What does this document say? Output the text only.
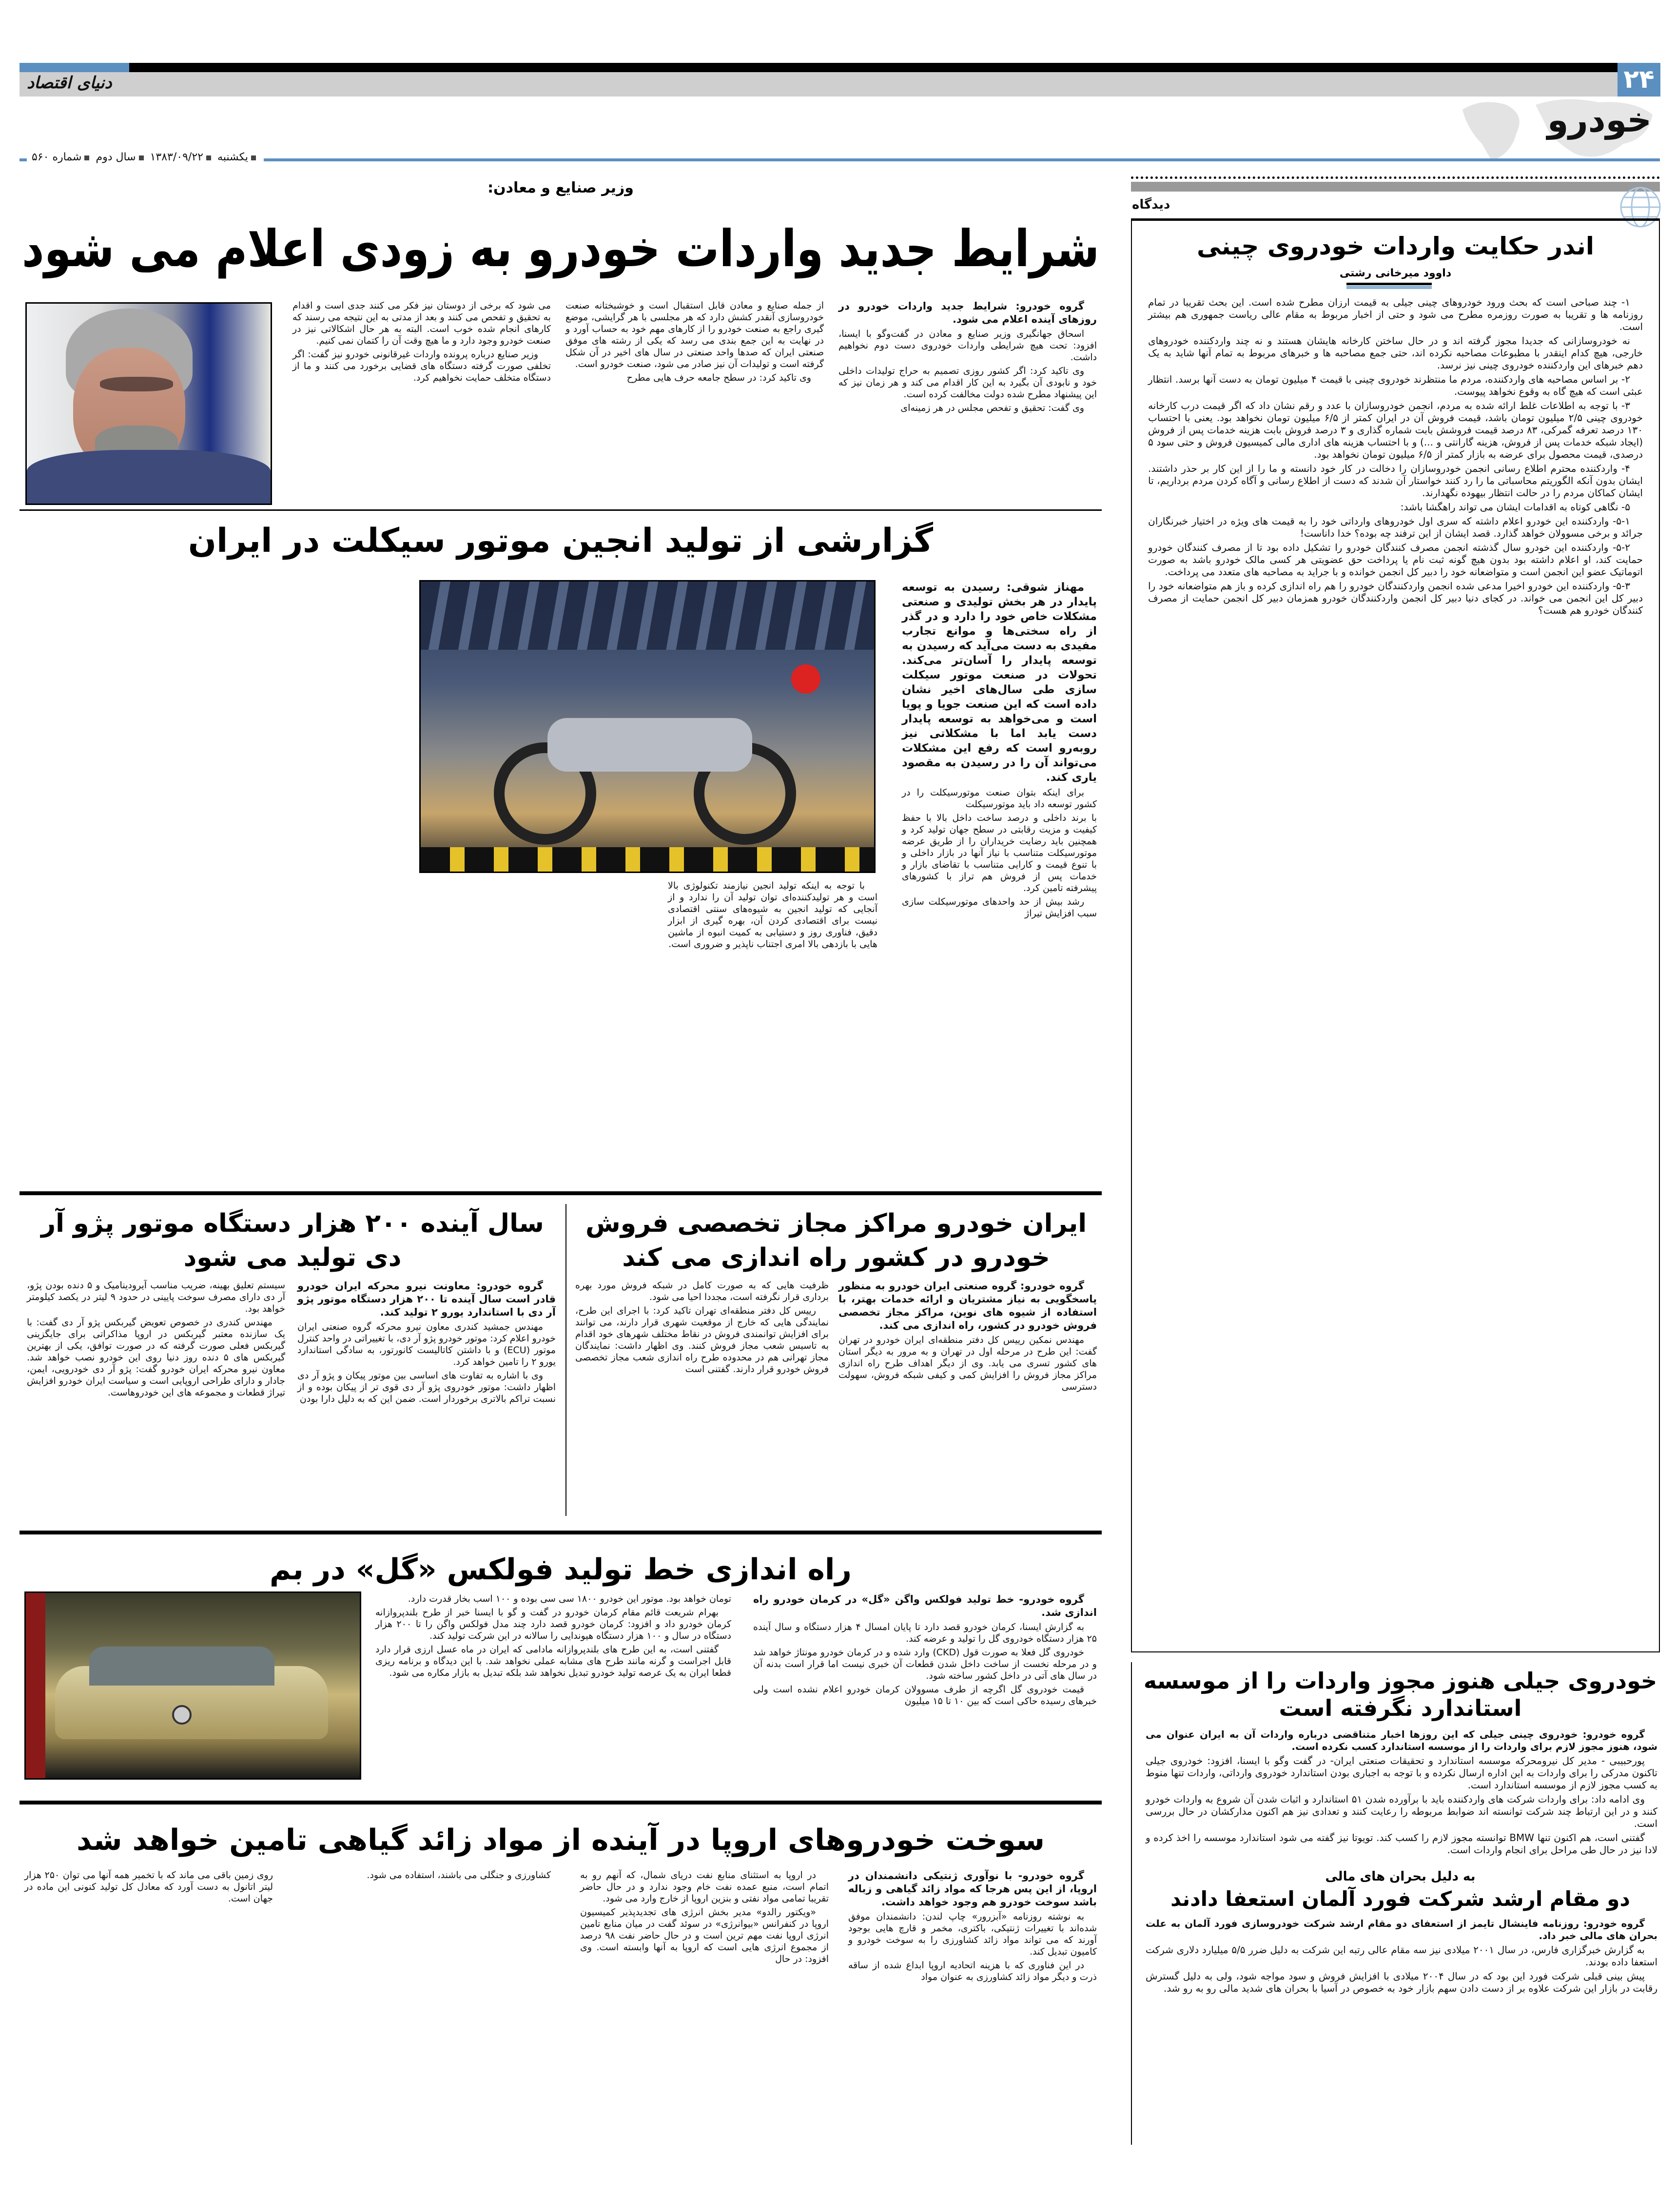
دنیای اقتصاد	۲۴
خودرو
یکشنبه ۱۳۸۳/۰۹/۲۲ سال دوم شماره ۵۶۰
وزیر صنایع و معادن:
شرایط جدید واردات خودرو به زودی اعلام می شود

گروه خودرو: شرایط جدید واردات خودرو در روزهای آینده اعلام می شود.

اسحاق جهانگیری وزیر صنایع و معادن در گفت‌وگو با ایسنا، افزود: تحت هیچ شرایطی واردات خودروی دست دوم نخواهیم داشت.

وی تاکید کرد: اگر کشور روزی تصمیم به حراج تولیدات داخلی خود و نابودی آن بگیرد به این کار اقدام می کند و هر زمان نیز که این پیشنهاد مطرح شده دولت مخالفت کرده است.

وی گفت: تحقیق و تفحص مجلس در هر زمینه‌ای

از جمله صنایع و معادن قابل استقبال است و خوشبختانه صنعت خودروسازی آنقدر کشش دارد که هر مجلسی با هر گرایشی، موضع گیری راجع به صنعت خودرو را از کارهای مهم خود به حساب آورد و در نهایت به این جمع بندی می رسد که یکی از رشته های موفق صنعتی ایران که صدها واحد صنعتی در سال های اخیر در آن شکل گرفته است و تولیدات آن نیز صادر می شود، صنعت خودرو است.

وی تاکید کرد: در سطح جامعه حرف هایی مطرح

می شود که برخی از دوستان نیز فکر می کنند جدی است و اقدام به تحقیق و تفحص می کنند و بعد از مدتی به این نتیجه می رسند که کارهای انجام شده خوب است. البته به هر حال اشکالاتی نیز در صنعت خودرو وجود دارد و ما هیچ وقت آن را کتمان نمی کنیم.

وزیر صنایع درباره پرونده واردات غیرقانونی خودرو نیز گفت: اگر تخلفی صورت گرفته دستگاه های قضایی برخورد می کنند و ما از دستگاه متخلف حمایت نخواهیم کرد.

گزارشی از تولید انجین موتور سیکلت در ایران

مهناز شوقی: رسیدن به توسعه پایدار در هر بخش تولیدی و صنعتی مشکلات خاص خود را دارد و در گذر از راه سختی‌ها و موانع تجارب مفیدی به دست می‌آید که رسیدن به توسعه پایدار را آسان‌تر می‌کند. تحولات در صنعت موتور سیکلت سازی طی سال‌های اخیر نشان داده است که این صنعت جویا و پویا است و می‌خواهد به توسعه پایدار دست یابد اما با مشکلاتی نیز روبه‌رو است که رفع این مشکلات می‌تواند آن را در رسیدن به مقصود یاری کند.

برای اینکه بتوان صنعت موتورسیکلت را در کشور توسعه داد باید موتورسیکلت

با برند داخلی و درصد ساخت داخل بالا با حفظ کیفیت و مزیت رقابتی در سطح جهان تولید کرد و همچنین باید رضایت خریداران را از طریق عرضه موتورسیکلت متناسب با نیاز آنها در بازار داخلی و با تنوع قیمت و کارایی متناسب با تقاضای بازار و خدمات پس از فروش هم تراز با کشورهای پیشرفته تامین کرد.

رشد بیش از حد واحدهای موتورسیکلت سازی سبب افزایش تیراژ

با توجه به اینکه تولید انجین نیازمند تکنولوژی بالا است و هر تولیدکننده‌ای توان تولید آن را ندارد و از آنجایی که تولید انجین به شیوه‌های سنتی اقتصادی نیست برای اقتصادی کردن آن، بهره گیری از ابزار دقیق، فناوری روز و دستیابی به کمیت انبوه از ماشین هایی با بازدهی بالا امری اجتناب ناپذیر و ضروری است.

ایران خودرو مراکز مجاز تخصصی فروش خودرو در کشور راه اندازی می کند

گروه خودرو: گروه صنعتی ایران خودرو به منظور پاسخگویی به نیاز مشتریان و ارائه خدمات بهتر، با استفاده از شیوه های نوین، مراکز مجاز تخصصی فروش خودرو در کشور، راه اندازی می کند.

مهندس نمکین رییس کل دفتر منطقه‌ای ایران خودرو در تهران گفت: این طرح در مرحله اول در تهران و به مرور به دیگر استان های کشور تسری می یابد. وی از دیگر اهداف طرح راه اندازی مراکز مجاز فروش را افزایش کمی و کیفی شبکه فروش، سهولت دسترسی

ظرفیت هایی که به صورت کامل در شبکه فروش مورد بهره برداری قرار نگرفته است، مجددا احیا می شود.

رییس کل دفتر منطقه‌ای تهران تاکید کرد: با اجرای این طرح، نمایندگی هایی که خارج از موقعیت شهری قرار دارند، می توانند برای افزایش توانمندی فروش در نقاط مختلف شهرهای خود اقدام به تاسیس شعب مجاز فروش کنند. وی اظهار داشت: نمایندگان مجاز تهرانی هم در محدوده طرح راه اندازی شعب مجاز تخصصی فروش خودرو قرار دارند. گفتنی است

سال آینده ۲۰۰ هزار دستگاه موتور پژو آر دی تولید می شود

گروه خودرو: معاونت نیرو محرکه ایران خودرو قادر است سال آینده تا ۲۰۰ هزار دستگاه موتور پژو آر دی با استاندارد یورو ۲ تولید کند.

مهندس جمشید کندری معاون نیرو محرکه گروه صنعتی ایران خودرو اعلام کرد: موتور خودرو پژو آر دی، با تغییراتی در واحد کنترل موتور (ECU) و با داشتن کاتالیست کانورتور، به سادگی استاندارد یورو ۲ را تامین خواهد کرد.

وی با اشاره به تفاوت های اساسی بین موتور پیکان و پژو آر دی اظهار داشت: موتور خودروی پژو آر دی قوی تر از پیکان بوده و از نسبت تراکم بالاتری برخوردار است. ضمن این که به دلیل دارا بودن

سیستم تعلیق بهینه، ضریب مناسب آیرودینامیک و ۵ دنده بودن پژو، آر دی دارای مصرف سوخت پایینی در حدود ۹ لیتر در یکصد کیلومتر خواهد بود.

مهندس کندری در خصوص تعویض گیربکس پژو آر دی گفت: با یک سازنده معتبر گیربکس در اروپا مذاکراتی برای جایگزینی گیربکس فعلی صورت گرفته که در صورت توافق، یکی از بهترین گیربکس های ۵ دنده روز دنیا روی این خودرو نصب خواهد شد. معاون نیرو محرکه ایران خودرو گفت: پژو آر دی خودرویی، ایمن، جادار و دارای طراحی اروپایی است و سیاست ایران خودرو افزایش تیراژ قطعات و مجموعه های این خودروهاست.

راه اندازی خط تولید فولکس «گل» در بم

گروه خودرو- خط تولید فولکس واگن «گل» در کرمان خودرو راه اندازی شد.

به گزارش ایسنا، کرمان خودرو قصد دارد تا پایان امسال ۴ هزار دستگاه و سال آینده ۲۵ هزار دستگاه خودروی گل را تولید و عرضه کند.

خودروی گل فعلا به صورت قول (CKD) وارد شده و در کرمان خودرو مونتاژ خواهد شد و در مرحله نخست از ساخت داخل شدن قطعات آن خبری نیست اما قرار است بدنه آن در سال های آتی در داخل کشور ساخته شود.

قیمت خودروی گل اگرچه از طرف مسوولان کرمان خودرو اعلام نشده است ولی خبرهای رسیده حاکی است که بین ۱۰ تا ۱۵ میلیون

تومان خواهد بود. موتور این خودرو ۱۸۰۰ سی سی بوده و ۱۰۰ اسب بخار قدرت دارد.

بهرام شریعت قائم مقام کرمان خودرو در گفت و گو با ایسنا خبر از طرح بلندپروازانه کرمان خودرو داد و افزود: کرمان خودرو قصد دارد چند مدل فولکس واگن را تا ۲۰۰ هزار دستگاه در سال و ۱۰۰ هزار دستگاه هیوندایی را سالانه در این شرکت تولید کند.

گفتنی است، به این طرح های بلندپروازانه مادامی که ایران در ماه عسل ارزی قرار دارد قابل اجراست و گرنه مانند طرح های مشابه عملی نخواهد شد. با این دیدگاه و برنامه ریزی قطعا ایران به یک عرصه تولید خودرو تبدیل نخواهد شد بلکه تبدیل به بازار مکاره می شود.

سوخت خودروهای اروپا در آینده از مواد زائد گیاهی تامین خواهد شد

گروه خودرو- با نوآوری ژنتیکی دانشمندان در اروپا، از این پس هرجا که مواد زائد گیاهی و زباله باشد سوخت خودرو هم وجود خواهد داشت.

به نوشته روزنامه «آبزرور» چاپ لندن: دانشمندان موفق شده‌اند با تغییرات ژنتیکی، باکتری، مخمر و قارچ هایی بوجود آورند که می تواند مواد زائد کشاورزی را به سوخت خودرو و کامیون تبدیل کند.

در این فناوری که با هزینه اتحادیه اروپا ابداع شده از ساقه ذرت و دیگر مواد زائد کشاورزی به عنوان مواد

در اروپا به استثنای منابع نفت دریای شمال، که آنهم رو به اتمام است، منبع عمده نفت خام وجود ندارد و در حال حاضر تقریبا تمامی مواد نفتی و بنزین اروپا از خارج وارد می شود.

«ویکتور رالدو» مدیر بخش انرژی های تجدیدپذیر کمیسیون اروپا در کنفرانس «بیوانرژی» در سوئد گفت در میان منابع تامین انرژی اروپا نفت مهم ترین است و در حال حاضر نفت ۹۸ درصد از مجموع انرژی هایی است که اروپا به آنها وابسته است. وی افزود: در حال

کشاورزی و جنگلی می باشند، استفاده می شود.

روی زمین باقی می ماند که با تخمیر همه آنها می توان ۲۵۰ هزار لیتر اتانول به دست آورد که معادل کل تولید کنونی این ماده در جهان است.

دیدگاه
اندر حکایت واردات خودروی چینی
داوود میرخانی رشتی

۱- چند صباحی است که بحث ورود خودروهای چینی جیلی به قیمت ارزان مطرح شده است. این بحث تقریبا در تمام روزنامه ها و تقریبا به صورت روزمره مطرح می شود و حتی از اخبار مربوط به مقام عالی ریاست جمهوری هم بیشتر است.

نه خودروسازانی که جدیدا مجوز گرفته اند و در حال ساختن کارخانه هایشان هستند و نه چند واردکننده خودروهای خارجی، هیچ کدام اینقدر با مطبوعات مصاحبه نکرده اند، حتی جمع مصاحبه ها و خبرهای مربوط به تمام آنها شاید به یک دهم خبرهای این واردکننده خودروی چینی نیز نرسد.

۲- بر اساس مصاحبه های واردکننده، مردم ما منتظرند خودروی چینی با قیمت ۴ میلیون تومان به دست آنها برسد. انتظار عبثی است که هیچ گاه به وقوع نخواهد پیوست.

۳- با توجه به اطلاعات غلط ارائه شده به مردم، انجمن خودروسازان با عدد و رقم نشان داد که اگر قیمت درب کارخانه خودروی چینی ۲/۵ میلیون تومان باشد، قیمت فروش آن در ایران کمتر از ۶/۵ میلیون تومان نخواهد بود. یعنی با احتساب ۱۳۰ درصد تعرفه گمرکی، ۸۳ درصد قیمت فروشش بابت شماره گذاری و ۳ درصد فروش بابت هزینه خدمات پس از فروش (ایجاد شبکه خدمات پس از فروش، هزینه گارانتی و ...) و با احتساب هزینه های اداری مالی کمیسیون فروش و حتی سود ۵ درصدی، قیمت محصول برای عرضه به بازار کمتر از ۶/۵ میلیون تومان نخواهد بود.

۴- واردکننده محترم اطلاع رسانی انجمن خودروسازان را دخالت در کار خود دانسته و ما را از این کار بر حذر داشتند. ایشان بدون آنکه الگوریتم محاسباتی ما را رد کنند خواستار آن شدند که دست از اطلاع رسانی و آگاه کردن مردم برداریم، تا ایشان کماکان مردم را در حالت انتظار بیهوده نگهدارند.

۵- نگاهی کوتاه به اقدامات ایشان می تواند راهگشا باشد:

۵-۱- واردکننده این خودرو اعلام داشته که سری اول خودروهای وارداتی خود را به قیمت های ویژه در اختیار خبرنگاران جرائد و برخی مسوولان خواهد گذارد. قصد ایشان از این ترفند چه بوده؟ خدا داناست!

۵-۲- واردکننده این خودرو سال گذشته انجمن مصرف کنندگان خودرو را تشکیل داده بود تا از مصرف کنندگان خودرو حمایت کند، او اعلام داشته بود بدون هیچ گونه ثبت نام یا پرداخت حق عضویتی هر کسی مالک خودرو باشد به صورت اتوماتیک عضو این انجمن است و متواضعانه خود را دبیر کل انجمن خوانده و با جراید به مصاحبه های متعدد می پرداخت.

۵-۳- واردکننده این خودرو اخیرا مدعی شده انجمن واردکنندگان خودرو را هم راه اندازی کرده و باز هم متواضعانه خود را دبیر کل این انجمن می خواند. در کجای دنیا دبیر کل انجمن واردکنندگان خودرو همزمان دبیر کل انجمن حمایت از مصرف کنندگان خودرو هم هست؟

خودروی جیلی هنوز مجوز واردات را از موسسه استاندارد نگرفته است

گروه خودرو: خودروی چینی جیلی که این روزها اخبار متناقضی درباره واردات آن به ایران عنوان می شود، هنوز مجوز لازم برای واردات را از موسسه استاندارد کسب نکرده است.

پورحبیبی - مدیر کل نیرومحرکه موسسه استاندارد و تحقیقات صنعتی ایران- در گفت وگو با ایسنا، افزود: خودروی جیلی تاکنون مدرکی را برای واردات به این اداره ارسال نکرده و با توجه به اجباری بودن استاندارد خودروی وارداتی، واردات تنها منوط به کسب مجوز لازم از موسسه استاندارد است.

وی ادامه داد: برای واردات شرکت های واردکننده باید با برآورده شدن ۵۱ استاندارد و اثبات شدن آن شروع به واردات خودرو کنند و در این ارتباط چند شرکت توانسته اند ضوابط مربوطه را رعایت کنند و تعدادی نیز هم اکنون مدارکشان در حال بررسی است.

گفتنی است، هم اکنون تنها BMW توانسته مجوز لازم را کسب کند. تویوتا نیز گفته می شود استاندارد موسسه را اخذ کرده و لادا نیز در حال طی مراحل برای انجام واردات است.

به دلیل بحران های مالی
دو مقام ارشد شرکت فورد آلمان استعفا دادند

گروه خودرو: روزنامه فاینشال تایمز از استعفای دو مقام ارشد شرکت خودروسازی فورد آلمان به علت بحران های مالی خبر داد.

به گزارش خبرگزاری فارس، در سال ۲۰۰۱ میلادی نیز سه مقام عالی رتبه این شرکت به دلیل ضرر ۵/۵ میلیارد دلاری شرکت استعفا داده بودند.

پیش بینی قبلی شرکت فورد این بود که در سال ۲۰۰۴ میلادی با افزایش فروش و سود مواجه شود، ولی به دلیل گسترش رقابت در بازار این شرکت علاوه بر از دست دادن سهم بازار خود به خصوص در آسیا با بحران های شدید مالی رو به رو شد.
